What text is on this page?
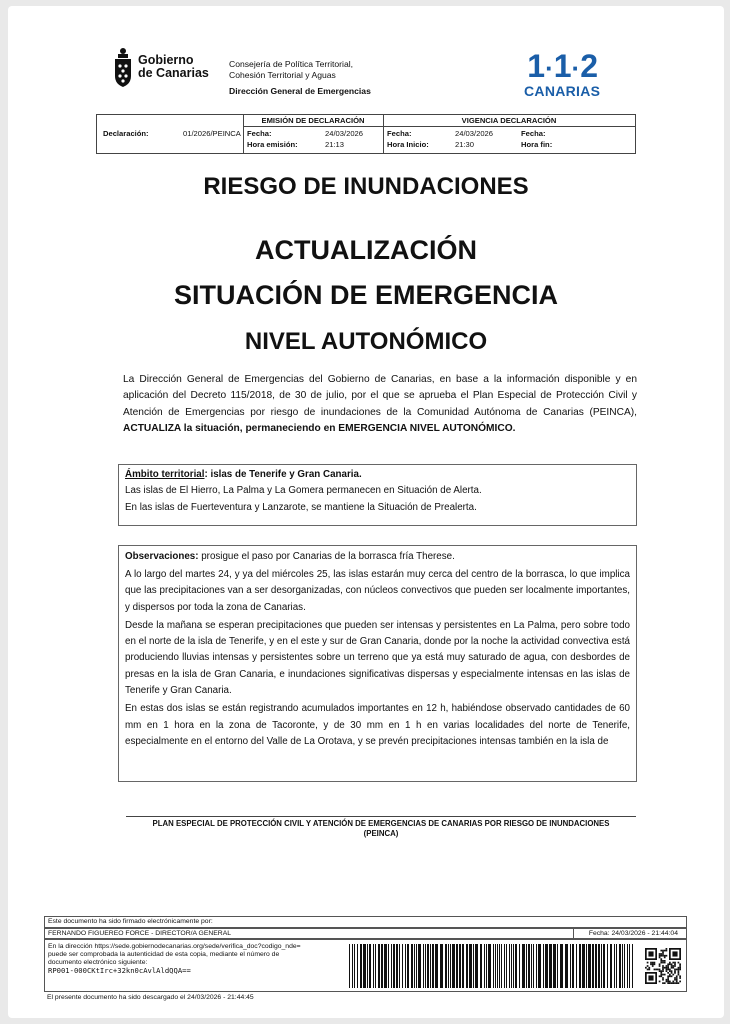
Gobierno
de Canarias
Consejería de Política Territorial,
Cohesión Territorial y Aguas
Dirección General de Emergencias
1·1·2
CANARIAS
Declaración:	01/2026/PEINCA
EMISIÓN DE DECLARACIÓN	VIGENCIA DECLARACIÓN
Fecha:	24/03/2026
Hora emisión:	21:13
Fecha:	24/03/2026
Hora Inicio:	21:30
Fecha:
Hora fin:
RIESGO DE INUNDACIONES
ACTUALIZACIÓN
SITUACIÓN DE EMERGENCIA
NIVEL AUTONÓMICO
La Dirección General de Emergencias del Gobierno de Canarias, en base a la información disponible y en aplicación del Decreto 115/2018, de 30 de julio, por el que se aprueba el Plan Especial de Protección Civil y Atención de Emergencias por riesgo de inundaciones de la Comunidad Autónoma de Canarias (PEINCA), ACTUALIZA la situación, permaneciendo en EMERGENCIA NIVEL AUTONÓMICO.

Ámbito territorial: islas de Tenerife y Gran Canaria.

Las islas de El Hierro, La Palma y La Gomera permanecen en Situación de Alerta.

En las islas de Fuerteventura y Lanzarote, se mantiene la Situación de Prealerta.

Observaciones: prosigue el paso por Canarias de la borrasca fría Therese.

A lo largo del martes 24, y ya del miércoles 25, las islas estarán muy cerca del centro de la borrasca, lo que implica que las precipitaciones van a ser desorganizadas, con núcleos convectivos que pueden ser localmente importantes, y dispersos por toda la zona de Canarias.

Desde la mañana se esperan precipitaciones que pueden ser intensas y persistentes en La Palma, pero sobre todo en el norte de la isla de Tenerife, y en el este y sur de Gran Canaria, donde por la noche la actividad convectiva está produciendo lluvias intensas y persistentes sobre un terreno que ya está muy saturado de agua, con desbordes de presas en la isla de Gran Canaria, e inundaciones significativas dispersas y especialmente intensas en las islas de Tenerife y Gran Canaria.

En estas dos islas se están registrando acumulados importantes en 12 h, habiéndose observado cantidades de 60 mm en 1 hora en la zona de Tacoronte, y de 30 mm en 1 h en varias localidades del norte de Tenerife, especialmente en el entorno del Valle de La Orotava, y se prevén precipitaciones intensas también en la isla de

PLAN ESPECIAL DE PROTECCIÓN CIVIL Y ATENCIÓN DE EMERGENCIAS DE CANARIAS POR RIESGO DE INUNDACIONES
(PEINCA)
Este documento ha sido firmado electrónicamente por:
FERNANDO FIGUEREO FORCE - DIRECTOR/A GENERAL	Fecha: 24/03/2026 - 21:44:04
En la dirección https://sede.gobiernodecanarias.org/sede/verifica_doc?codigo_nde=
puede ser comprobada la autenticidad de esta copia, mediante el número de
documento electrónico siguiente:
RP001-000CKtIrc+32kn0cAvlAldQQA==
El presente documento ha sido descargado el 24/03/2026 - 21:44:45
